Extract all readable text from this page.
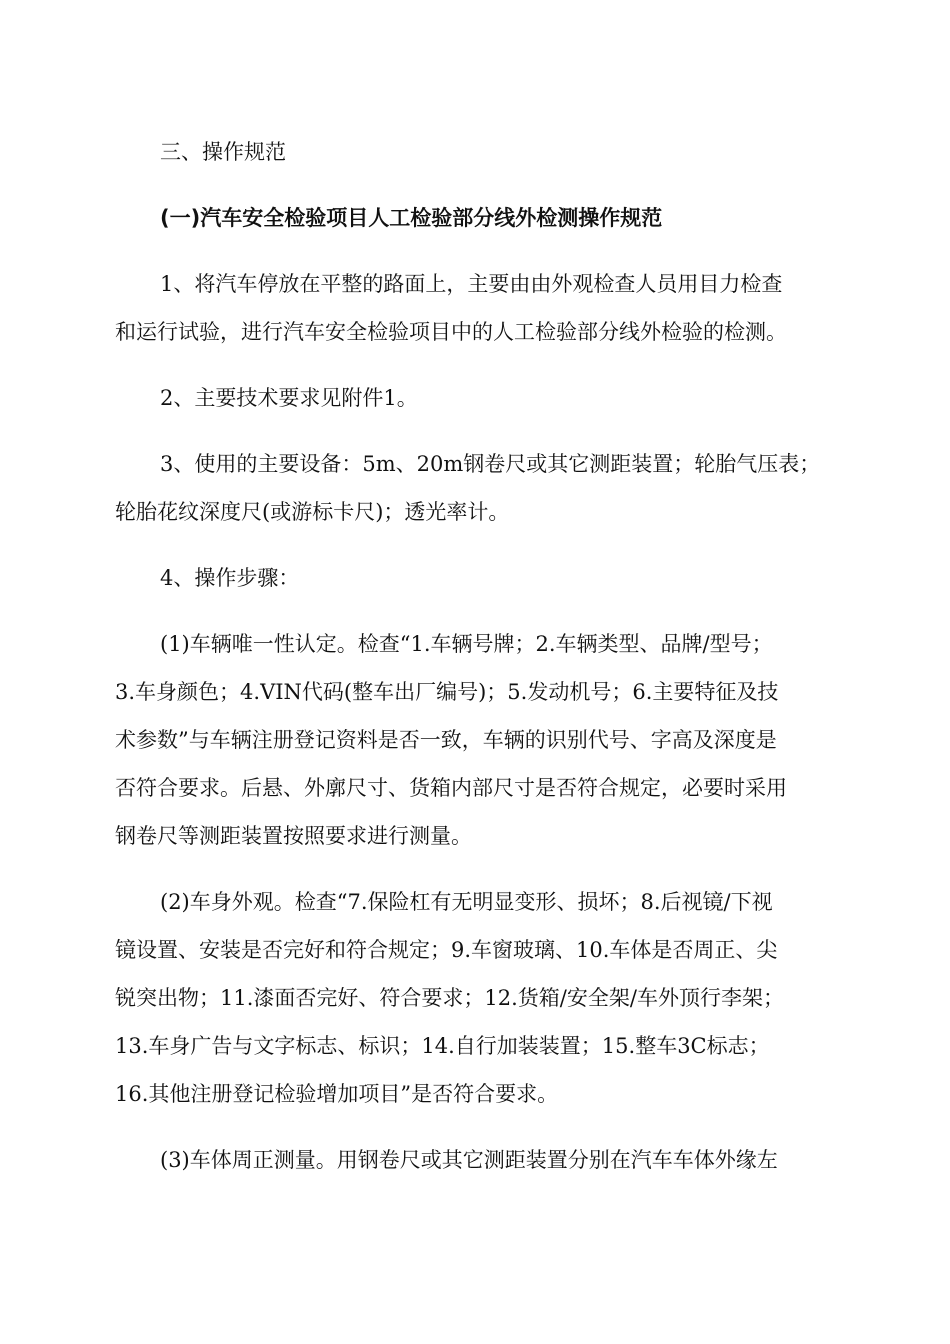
三、操作规范
(一)汽车安全检验项目人工检验部分线外检测操作规范
1、将汽车停放在平整的路面上，主要由由外观检查人员用目力检查
和运行试验，进行汽车安全检验项目中的人工检验部分线外检验的检测。
2、主要技术要求见附件1。
3、使用的主要设备：5m、20m钢卷尺或其它测距装置；轮胎气压表；
轮胎花纹深度尺(或游标卡尺)；透光率计。
4、操作步骤：
(1)车辆唯一性认定。检查“1.车辆号牌；2.车辆类型、品牌/型号；
3.车身颜色；4.VIN代码(整车出厂编号)；5.发动机号；6.主要特征及技
术参数”与车辆注册登记资料是否一致，车辆的识别代号、字高及深度是
否符合要求。后悬、外廓尺寸、货箱内部尺寸是否符合规定，必要时采用
钢卷尺等测距装置按照要求进行测量。
(2)车身外观。检查“7.保险杠有无明显变形、损坏；8.后视镜/下视
镜设置、安装是否完好和符合规定；9.车窗玻璃、10.车体是否周正、尖
锐突出物；11.漆面否完好、符合要求；12.货箱/安全架/车外顶行李架；
13.车身广告与文字标志、标识；14.自行加装装置；15.整车3C标志；
16.其他注册登记检验增加项目”是否符合要求。
(3)车体周正测量。用钢卷尺或其它测距装置分别在汽车车体外缘左
